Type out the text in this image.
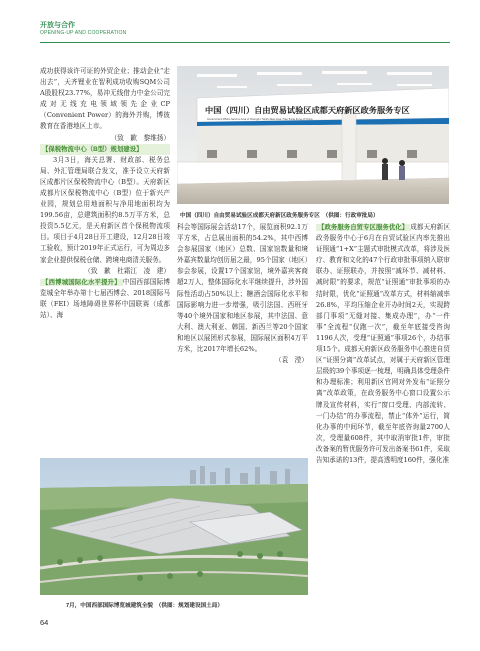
开放与合作
OPENING-UP AND COOPERATION

成功获得该许可证的外贸企业；推动企业“走出去”，天齐锂业在智利成功收购SQM公司A股股权23.77%，易冲无线借力中金公司完成对无线充电领域领先企业CP（Convenient Power）的海外并购，博彼教育在香港地区上市。

（致　歉　黎维扬）

【保税物流中心（B型）规划建设】

3月3日，海关总署、财政部、税务总局、外汇管理局联合发文，准予设立天府新区成都片区保税物流中心（B型）。天府新区成都片区保税物流中心（B型）位于新兴产业园，规划总用地面积与净用地面积均为199.56亩，总建筑面积约8.5万平方米，总投资5.5亿元，是天府新区首个保税物流项目。项目于4月28日开工建设，12月28日竣工验收，预计2019年正式运行，可为周边多家企业提供保税仓储、跨境电商清关服务。

（致　歉　杜霜江　凌　建）

【西博城国际化水平提升】 中国西部国际博览城全年举办第十七届西博会、2018国际马联（FEI）场地障碍世界杯中国联赛（成都站）、海

中国（四川）自由贸易试验区成都天府新区政务服务专区
Government Affairs Service Area of Chengdu Tianfu New Area, Free Trade Zone of China
中国（四川）自由贸易试验区成都天府新区政务服务专区　（供图：行政审批局）

科会等国际展会活动17个，展览面积92.1万平方米，占总展出面积的54.2%，其中西博会参展国家（地区）总数、国家馆数量和境外嘉宾数量均创历届之最，95个国家（地区）参会参展，设置17个国家馆，境外嘉宾客商超2万人，整体国际化水平继续提升，涉外国际性活动占50%以上；糖酒会国际化水平和国际影响力进一步增强，吸引法国、西班牙等40个境外国家和地区参展，其中法国、意大利、澳大利亚、韩国、新西兰等20个国家和地区以展团形式参展，国际展区面积4万平方米，比2017年增长62%。

（袁　滢）

【政务服务自贸专区服务优化】 成都天府新区政务服务中心于6月在自贸试验区内率先推出证照通“1+X”主题式审批模式改革，将涉及医疗、教育和文化的47个行政审批事项纳入联审联办、证照联办，并按照“减环节、减材料、减时限”的要求，规范“证照通”审批事项的办结时限，优化“证照通”改革方式，材料缩减率26.8%，平均压缩企业开办时间2天，实现跨部门事项“无缝对接、集成办理”，办“一件事”全流程“仅跑一次”，截至年底接受咨询1196人次，受理“证照通”事项26个，办结事项15个。成都天府新区政务服务中心推进自贸区“证照分离”改革试点，对属于天府新区管理层级的39个事项逐一梳理，明确具体受理条件和办理标准；利用新区官网对外发布“证照分离”改革政策，在政务服务中心窗口设置公示牌及宣传材料，实行“窗口受理、内部流转、一门办结”的办事流程，禁止“体外”运行，简化办事的中间环节，截至年底咨询量2700人次，受理量608件，其中取消审批1件，审批改备案的暂优服务许可发出备案书61件，采取告知承诺的13件，提高透明度160件，强化准

7月，中国西部国际博览城建筑全貌　（供图：规划建设国土局）
64
